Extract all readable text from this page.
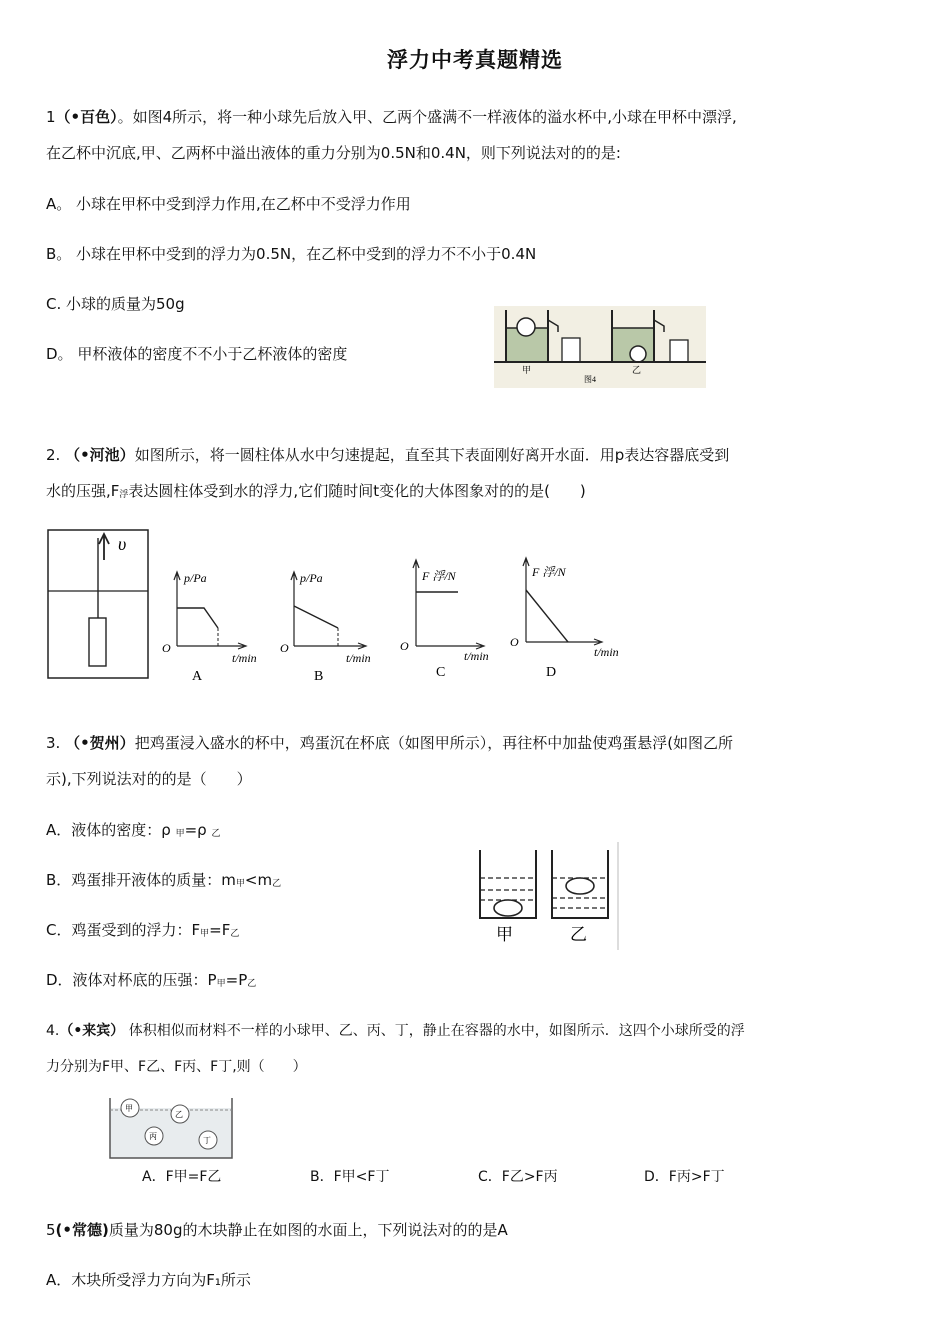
浮力中考真题精选
1（•百色）。如图4所示，将一种小球先后放入甲、乙两个盛满不一样液体的溢水杯中,小球在甲杯中漂浮,
在乙杯中沉底,甲、乙两杯中溢出液体的重力分别为0.5N和0.4N，则下列说法对的的是:
A。 小球在甲杯中受到浮力作用,在乙杯中不受浮力作用
B。 小球在甲杯中受到的浮力为0.5N，在乙杯中受到的浮力不不小于0.4N
C. 小球的质量为50g
D。 甲杯液体的密度不不小于乙杯液体的密度
甲	乙
图4
2. （•河池）如图所示，将一圆柱体从水中匀速提起，直至其下表面刚好离开水面．用p表达容器底受到
水的压强,F浮表达圆柱体受到水的浮力,它们随时间t变化的大体图象对的的是(　　)
υ
p/Pa
t/min
O
A
p/Pa
t/min
O
B
F 浮/N
t/min
O
C
F 浮/N
t/min
O
D
3. （•贺州）把鸡蛋浸入盛水的杯中，鸡蛋沉在杯底（如图甲所示），再往杯中加盐使鸡蛋悬浮(如图乙所
示),下列说法对的的是（　　）
A．液体的密度：ρ 甲=ρ 乙
B．鸡蛋排开液体的质量：m甲<m乙
C．鸡蛋受到的浮力：F甲=F乙
D．液体对杯底的压强：P甲=P乙
甲	乙
4.（•来宾） 体积相似而材料不一样的小球甲、乙、丙、丁，静止在容器的水中，如图所示．这四个小球所受的浮
力分别为F甲、F乙、F丙、F丁,则（　　）
甲
乙
丙	丁
A．F甲=F乙	B．F甲<F丁	C．F乙>F丙	D．F丙>F丁
5(•常德)质量为80g的木块静止在如图的水面上，下列说法对的的是A
A．木块所受浮力方向为F₁所示
